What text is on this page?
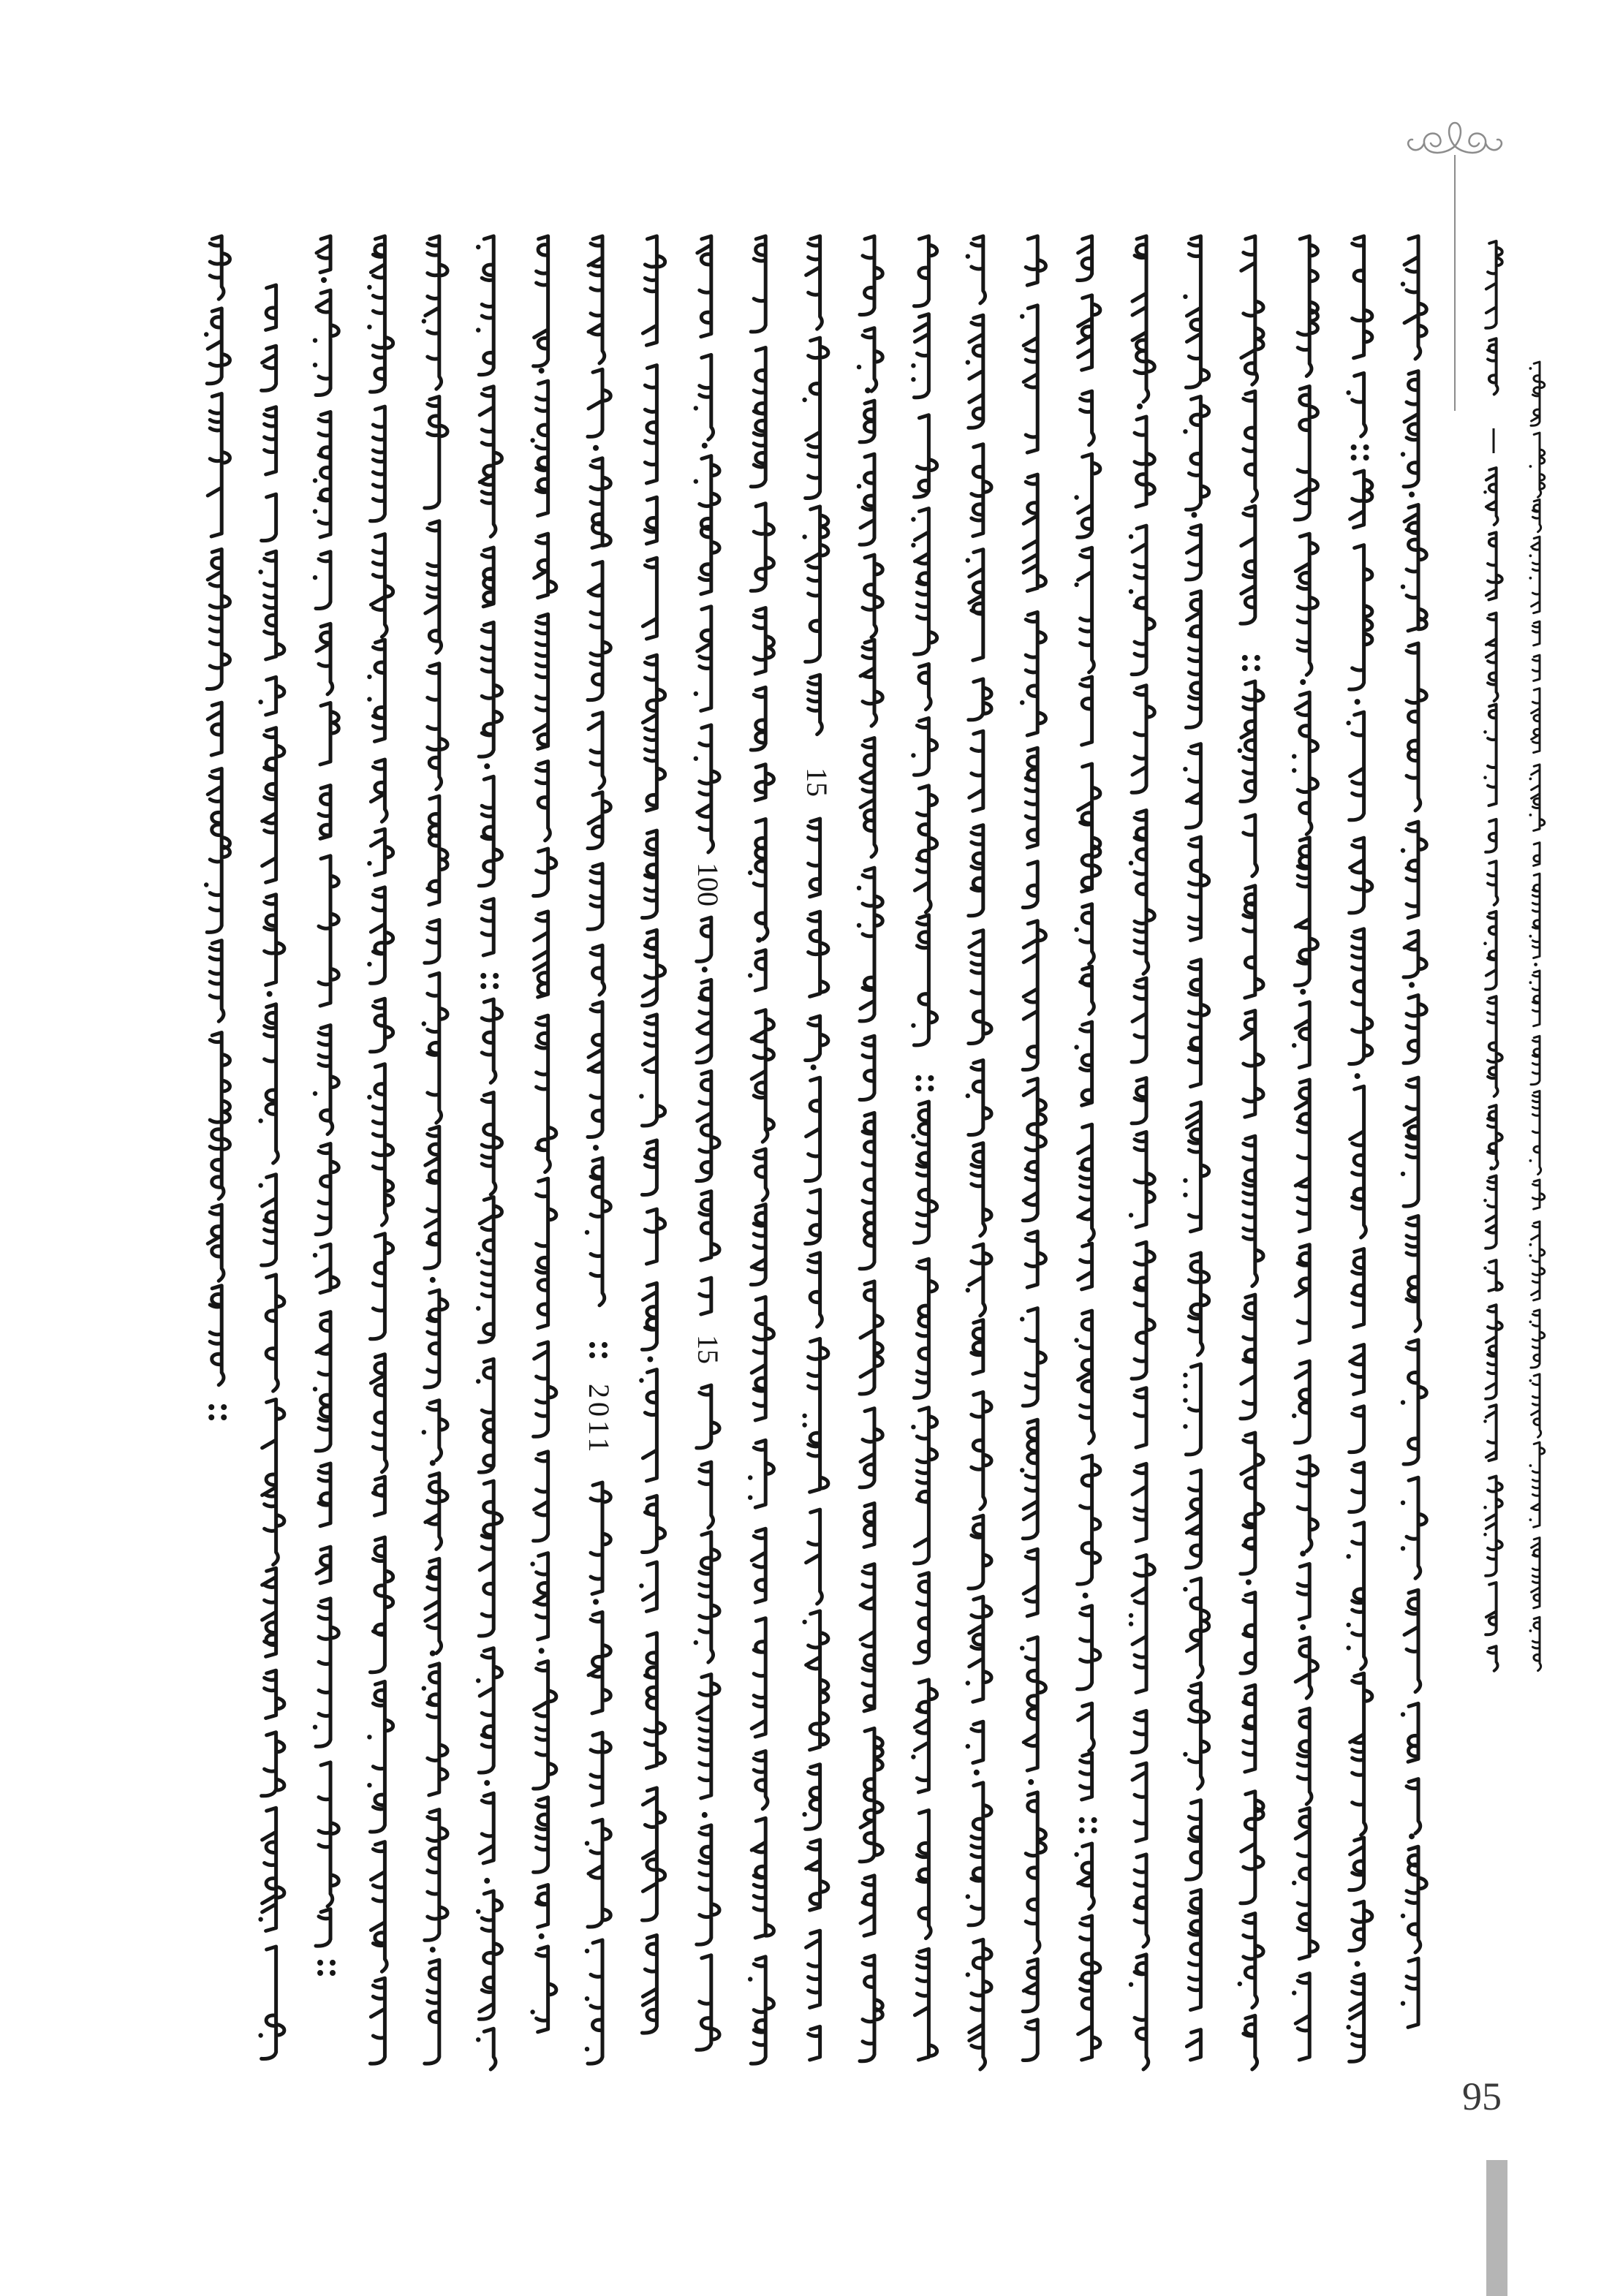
15
100
15
2011
95
